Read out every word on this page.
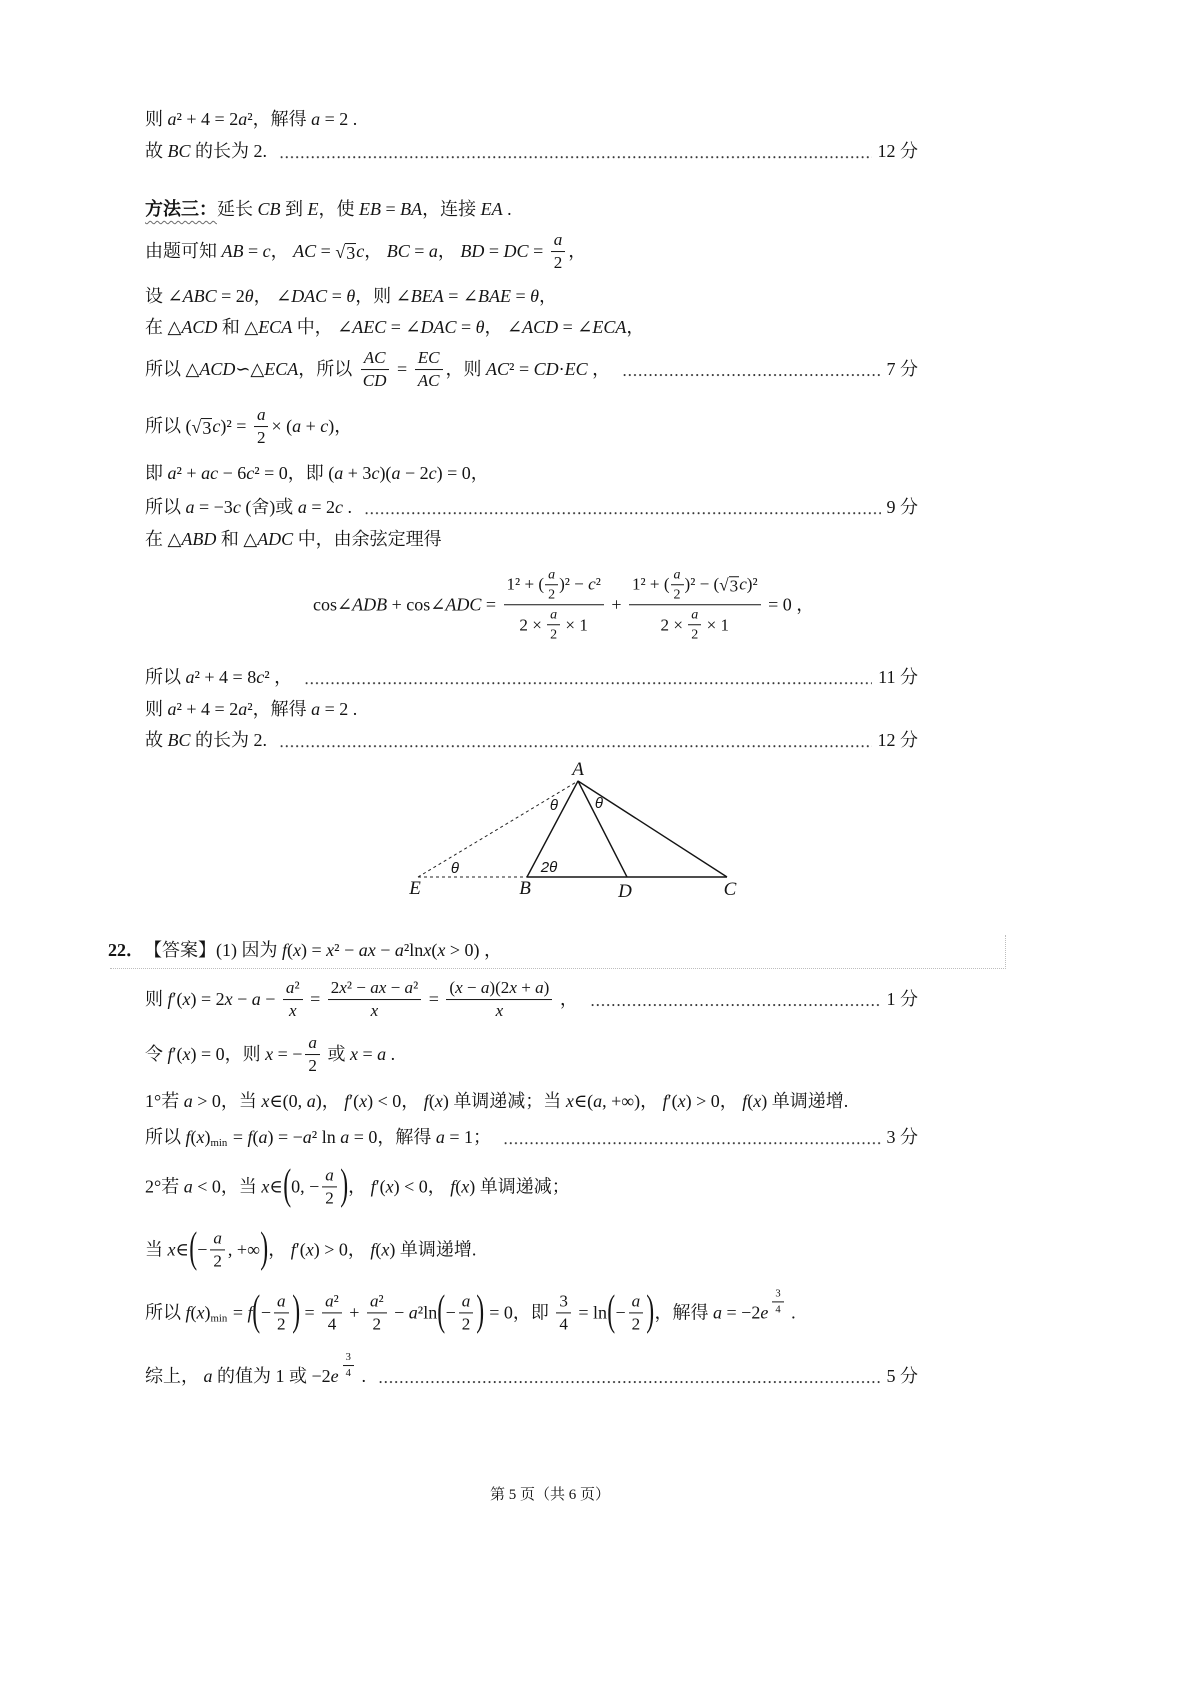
则 a² + 4 = 2a² ，解得 a = 2 .
故 BC 的长为 2.	12 分
方法三： 延长 CB 到 E ，使 EB = BA ，连接 EA .
由题可知 AB = c ， AC = √ 3 c ， BC = a ， BD = DC = $\frac{a}{2}$ ，
设 ∠ABC = 2θ ， ∠DAC = θ ，则 ∠BEA = ∠BAE = θ ，
在 △ACD 和 △ECA 中， ∠AEC = ∠DAC = θ ， ∠ACD = ∠ECA ，
所以 △ACD∽△ECA ，所以 $\frac{AC}{CD} = \frac{EC}{AC}$ ，则 AC² = CD·EC ，	7 分
所以 ( √ 3 $c)^2 = \frac{a}{2} \times (a + c)$ ，
即 a² + ac − 6c² = 0 ，即 (a + 3c)(a − 2c) = 0 ，
所以 a = −3c (舍)或 a = 2c .	9 分
在 △ABD 和 △ADC 中，由余弦定理得
cos ∠ADB + cos ∠ADC = $\frac{1^2 + ( \frac{a}{2} )^2 - c^2}{2 \times \frac{a}{2} \times 1} + \frac{1^2 + ( \frac{a}{2} )^2 - ( √ 3 c )^2}{2 \times \frac{a}{2} \times 1} = 0$ ，
所以 a² + 4 = 8c² ，	11 分
则 a² + 4 = 2a² ，解得 a = 2 .
故 BC 的长为 2.	12 分
22． 【答案】 (1) 因为 f(x) = x² − ax − a² ln x(x > 0) ，
则 $f'(x) = 2x - a - \frac{\text{a²}}{x} = \frac{\text{2x² − ax − a²}}{x} = \frac{(x - a)(2x + a)}{x}$ ，	1 分
令 f′(x) = 0 ，则 x = − $\frac{a}{2}$ 或 x = a .
1° 若 a > 0 ，当 x∈(0, a) ， f′(x) < 0 ， f(x) 单调递减；当 x∈(a, +∞) ， f′(x) > 0 ， f(x) 单调递增.
所以 f(x) min = f(a) = −a² ln a = 0 ，解得 a = 1 ；	3 分
2° 若 a < 0 ，当 x∈ ( 0, − $\frac{a}{2}$ ) ， f′(x) < 0 ， f(x) 单调递减；
当 x∈ ( − $\frac{a}{2}$ , +∞ ) ， f′(x) > 0 ， f(x) 单调递增.
所以 f(x) min = f ( − $\frac{a}{2}$ ) = $\frac{\text{a²}}{4} + \frac{\text{a²}}{2} - a^2$ ln ( − $\frac{a}{2}$ ) = 0 ，即 $\frac{3}{4} = \ln$ ( − $\frac{a}{2}$ ) ，解得 $a = -2e \frac{3}{4}$ .
综上， a 的值为 1 或 $-2e \frac{3}{4}$ .	5 分
A
E	B	D	C
θ θ
θ	2θ
第 5 页（共 6 页）
